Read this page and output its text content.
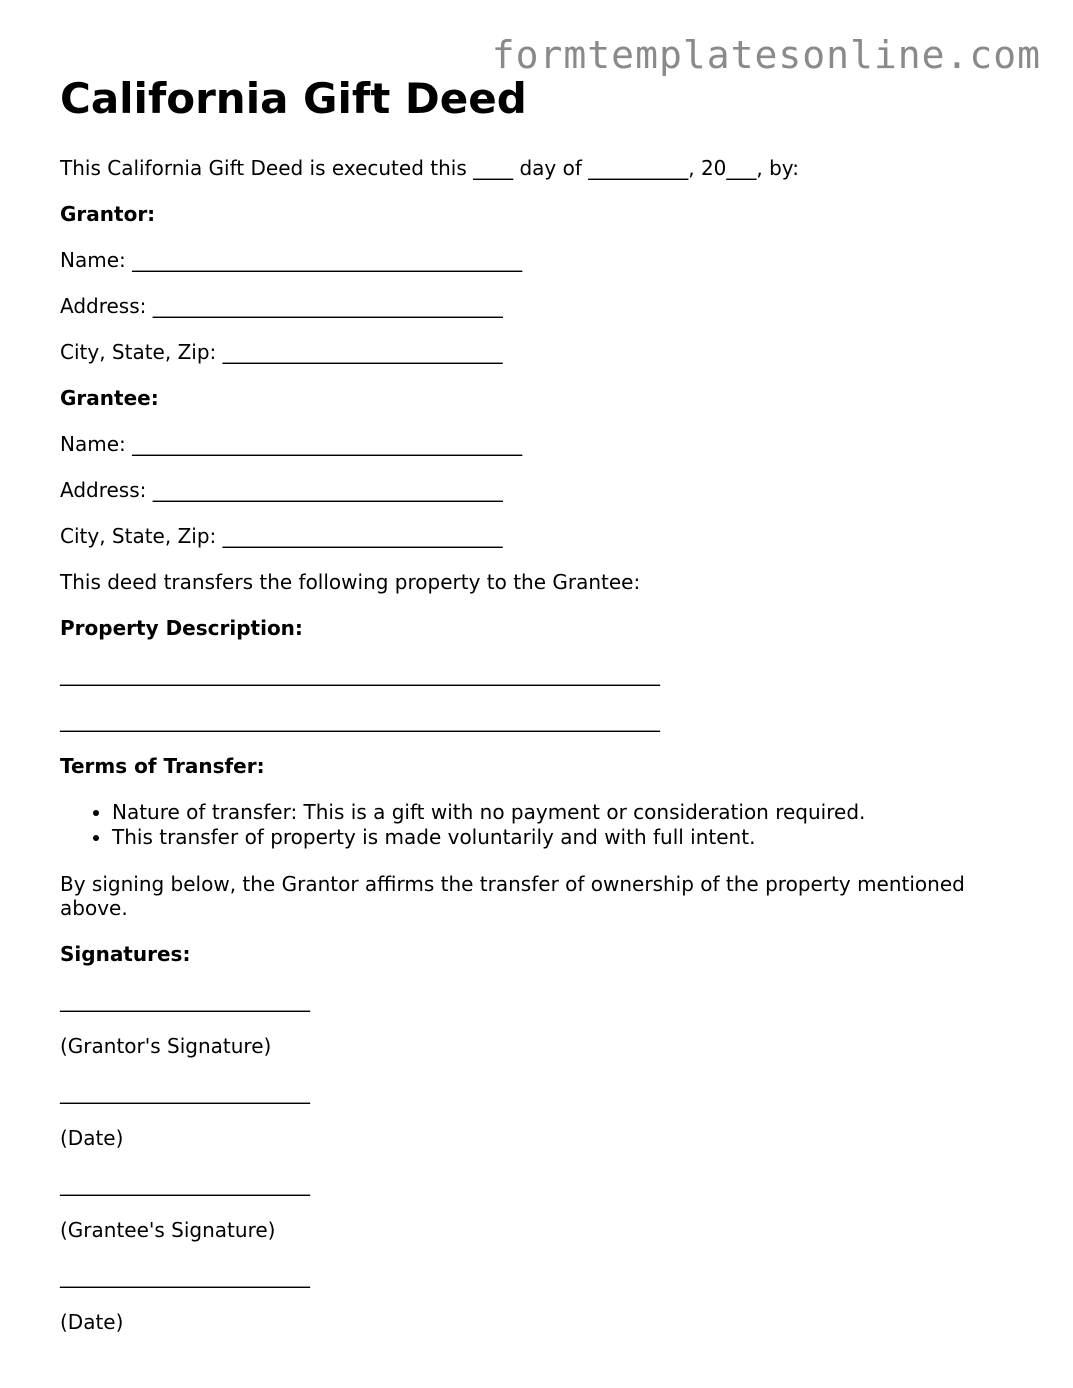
formtemplatesonline.com
California Gift Deed
This California Gift Deed is executed this ____ day of __________, 20___, by:
Grantor:
Name: _______________________________________
Address: ___________________________________
City, State, Zip: ____________________________
Grantee:
Name: _______________________________________
Address: ___________________________________
City, State, Zip: ____________________________
This deed transfers the following property to the Grantee:
Property Description:
____________________________________________________________
____________________________________________________________
Terms of Transfer:
• Nature of transfer: This is a gift with no payment or consideration required.
• This transfer of property is made voluntarily and with full intent.
By signing below, the Grantor affirms the transfer of ownership of the property mentioned above.
Signatures:
_________________________
(Grantor's Signature)
_________________________
(Date)
_________________________
(Grantee's Signature)
_________________________
(Date)
